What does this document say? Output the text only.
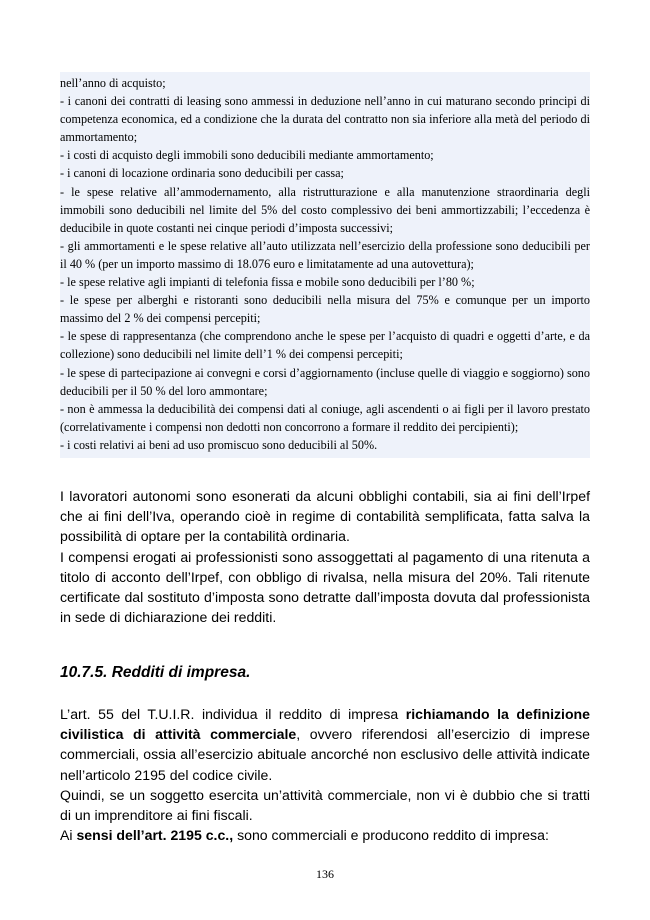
nell’anno di acquisto;
- i canoni dei contratti di leasing sono ammessi in deduzione nell’anno in cui maturano secondo principi di competenza economica, ed a condizione che la durata del contratto non sia inferiore alla metà del periodo di ammortamento;
- i costi di acquisto degli immobili sono deducibili mediante ammortamento;
- i canoni di locazione ordinaria sono deducibili per cassa;
- le spese relative all’ammodernamento, alla ristrutturazione e alla manutenzione straordinaria degli immobili sono deducibili nel limite del 5% del costo complessivo dei beni ammortizzabili; l’eccedenza è deducibile in quote costanti nei cinque periodi d’imposta successivi;
- gli ammortamenti e le spese relative all’auto utilizzata nell’esercizio della professione sono deducibili per il 40 % (per un importo massimo di 18.076 euro e limitatamente ad una autovettura);
- le spese relative agli impianti di telefonia fissa e mobile sono deducibili per l’80 %;
- le spese per alberghi e ristoranti sono deducibili nella misura del 75% e comunque per un importo massimo del 2 % dei compensi percepiti;
- le spese di rappresentanza (che comprendono anche le spese per l’acquisto di quadri e oggetti d’arte, e da collezione) sono deducibili nel limite dell’1 % dei compensi percepiti;
- le spese di partecipazione ai convegni e corsi d’aggiornamento (incluse quelle di viaggio e soggiorno) sono deducibili per il 50 % del loro ammontare;
- non è ammessa la deducibilità dei compensi dati al coniuge, agli ascendenti o ai figli per il lavoro prestato (correlativamente i compensi non dedotti non concorrono a formare il reddito dei percipienti);
- i costi relativi ai beni ad uso promiscuo sono deducibili al 50%.
I lavoratori autonomi sono esonerati da alcuni obblighi contabili, sia ai fini dell’Irpef che ai fini dell’Iva, operando cioè in regime di contabilità semplificata, fatta salva la possibilità di optare per la contabilità ordinaria.
I compensi erogati ai professionisti sono assoggettati al pagamento di una ritenuta a titolo di acconto dell’Irpef, con obbligo di rivalsa, nella misura del 20%. Tali ritenute certificate dal sostituto d’imposta sono detratte dall’imposta dovuta dal professionista in sede di dichiarazione dei redditi.
10.7.5. Redditi di impresa.
L’art. 55 del T.U.I.R. individua il reddito di impresa richiamando la definizione civilistica di attività commerciale, ovvero riferendosi all’esercizio di imprese commerciali, ossia all’esercizio abituale ancorché non esclusivo delle attività indicate nell’articolo 2195 del codice civile.
Quindi, se un soggetto esercita un’attività commerciale, non vi è dubbio che si tratti di un imprenditore ai fini fiscali.
Ai sensi dell’art. 2195 c.c., sono commerciali e producono reddito di impresa:
136
